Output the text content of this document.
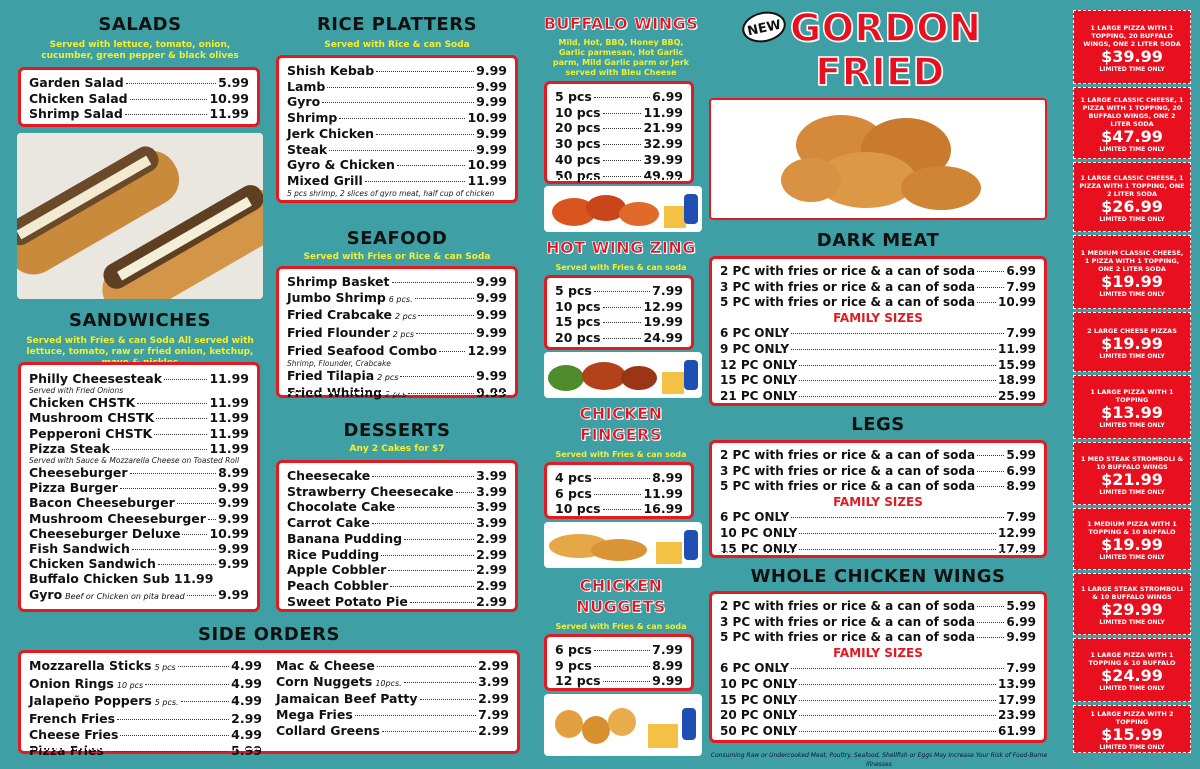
SALADS
Served with lettuce, tomato, onion, cucumber, green pepper & black olives
Garden Salad	5.99
Chicken Salad	10.99
Shrimp Salad	11.99
SANDWICHES
Served with Fries & can Soda All served with lettuce, tomato, raw or fried onion, ketchup,
Philly Cheesesteak	11.99
Served with Fried Onions
Chicken CHSTK	11.99
Mushroom CHSTK	11.99
Pepperoni CHSTK	11.99
Pizza Steak	11.99
Served with Sauce & Mozzarella Cheese on Toasted Roll
Cheeseburger	8.99
Pizza Burger	9.99
Bacon Cheeseburger	9.99
Mushroom Cheeseburger 9.99
Cheeseburger Deluxe 10.99
Fish Sandwich	9.99
Chicken Sandwich	9.99
Buffalo Chicken Sub 11.99
Gyro Beef or Chicken on pita bread	9.99
RICE PLATTERS
Served with Rice & can Soda
Shish Kebab	9.99
Lamb	9.99
Gyro	9.99
Shrimp	10.99
Jerk Chicken	9.99
Steak	9.99
Gyro & Chicken	10.99
Mixed Grill	11.99
5 pcs shrimp, 2 slices of gyro meat, half cup of chicken
SEAFOOD
Served with Fries or Rice & can Soda
Shrimp Basket	9.99
Jumbo Shrimp 6 pcs.	9.99
Fried Crabcake 2 pcs	9.99
Fried Flounder 2 pcs	9.99
Fried Seafood Combo 12.99
Shrimp, Flounder, Crabcake
Fried Tilapia 2 pcs	9.99
Fried Whiting 2 pcs	9.99
DESSERTS
Any 2 Cakes for $7
Cheesecake	3.99
Strawberry Cheesecake 3.99
Chocolate Cake	3.99
Carrot Cake	3.99
Banana Pudding	2.99
Rice Pudding	2.99
Apple Cobbler	2.99
Peach Cobbler	2.99
Sweet Potato Pie	2.99
SIDE ORDERS
Mozzarella Sticks 5 pcs	4.99
Onion Rings 10 pcs	4.99
Jalapeño Poppers 5 pcs.	4.99
French Fries	2.99
Cheese Fries	4.99
Pizza Fries	5.99
Mac & Cheese	2.99
Corn Nuggets 10pcs.	3.99
Jamaican Beef Patty	2.99
Mega Fries	7.99
Collard Greens	2.99
BUFFALO WINGS
Mild, Hot, BBQ, Honey BBQ, Garlic parmesan, Hot Garlic parm, Mild Garlic parm or Jerk served with Bleu Cheese
5 pcs	6.99
10 pcs	11.99
20 pcs	21.99
30 pcs	32.99
40 pcs	39.99
50 pcs	49.99
HOT WING ZING
Served with Fries & can soda
5 pcs	7.99
10 pcs	12.99
15 pcs	19.99
20 pcs	24.99
CHICKEN
FINGERS
Served with Fries & can soda
4 pcs	8.99
6 pcs	11.99
10 pcs	16.99
CHICKEN
NUGGETS
Served with Fries & can soda
6 pcs	7.99
9 pcs	8.99
12 pcs	9.99
NEW GORDON
FRIED
DARK MEAT
2 PC with fries or rice & a can of soda	6.99
3 PC with fries or rice & a can of soda	7.99
5 PC with fries or rice & a can of soda 10.99
FAMILY SIZES
6 PC ONLY	7.99
9 PC ONLY	11.99
12 PC ONLY	15.99
15 PC ONLY	18.99
21 PC ONLY	25.99
LEGS
2 PC with fries or rice & a can of soda	5.99
3 PC with fries or rice & a can of soda	6.99
5 PC with fries or rice & a can of soda	8.99
FAMILY SIZES
6 PC ONLY	7.99
10 PC ONLY	12.99
15 PC ONLY	17.99
WHOLE CHICKEN WINGS
2 PC with fries or rice & a can of soda	5.99
3 PC with fries or rice & a can of soda	6.99
5 PC with fries or rice & a can of soda	9.99
FAMILY SIZES
6 PC ONLY	7.99
10 PC ONLY	13.99
15 PC ONLY	17.99
20 PC ONLY	23.99
50 PC ONLY	61.99
Consuming Raw or Undercooked Meat, Poultry, Seafood, Shellfish or Eggs May Increase Your Risk of Food-Borne Illnesses
1 LARGE PIZZA WITH 1 TOPPING, 20 BUFFALO WINGS, ONE 2 LITER SODA
$39.99
LIMITED TIME ONLY
1 LARGE CLASSIC CHEESE, 1 PIZZA WITH 1 TOPPING, 20 BUFFALO WINGS, ONE 2 LITER SODA
$47.99
LIMITED TIME ONLY
1 LARGE CLASSIC CHEESE, 1 PIZZA WITH 1 TOPPING, ONE 2 LITER SODA
$26.99
LIMITED TIME ONLY
1 MEDIUM CLASSIC CHEESE, 1 PIZZA WITH 1 TOPPING, ONE 2 LITER SODA
$19.99
LIMITED TIME ONLY
2 LARGE CHEESE PIZZAS
$19.99
LIMITED TIME ONLY
1 LARGE PIZZA WITH 1 TOPPING
$13.99
LIMITED TIME ONLY
1 MED STEAK STROMBOLI & 10 BUFFALO WINGS
$21.99
LIMITED TIME ONLY
1 MEDIUM PIZZA WITH 1 TOPPING & 10 BUFFALO
$19.99
LIMITED TIME ONLY
1 LARGE STEAK STROMBOLI & 10 BUFFALO WINGS
$29.99
LIMITED TIME ONLY
1 LARGE PIZZA WITH 1 TOPPING & 10 BUFFALO
$24.99
LIMITED TIME ONLY
1 LARGE PIZZA WITH 2 TOPPING
$15.99
LIMITED TIME ONLY
